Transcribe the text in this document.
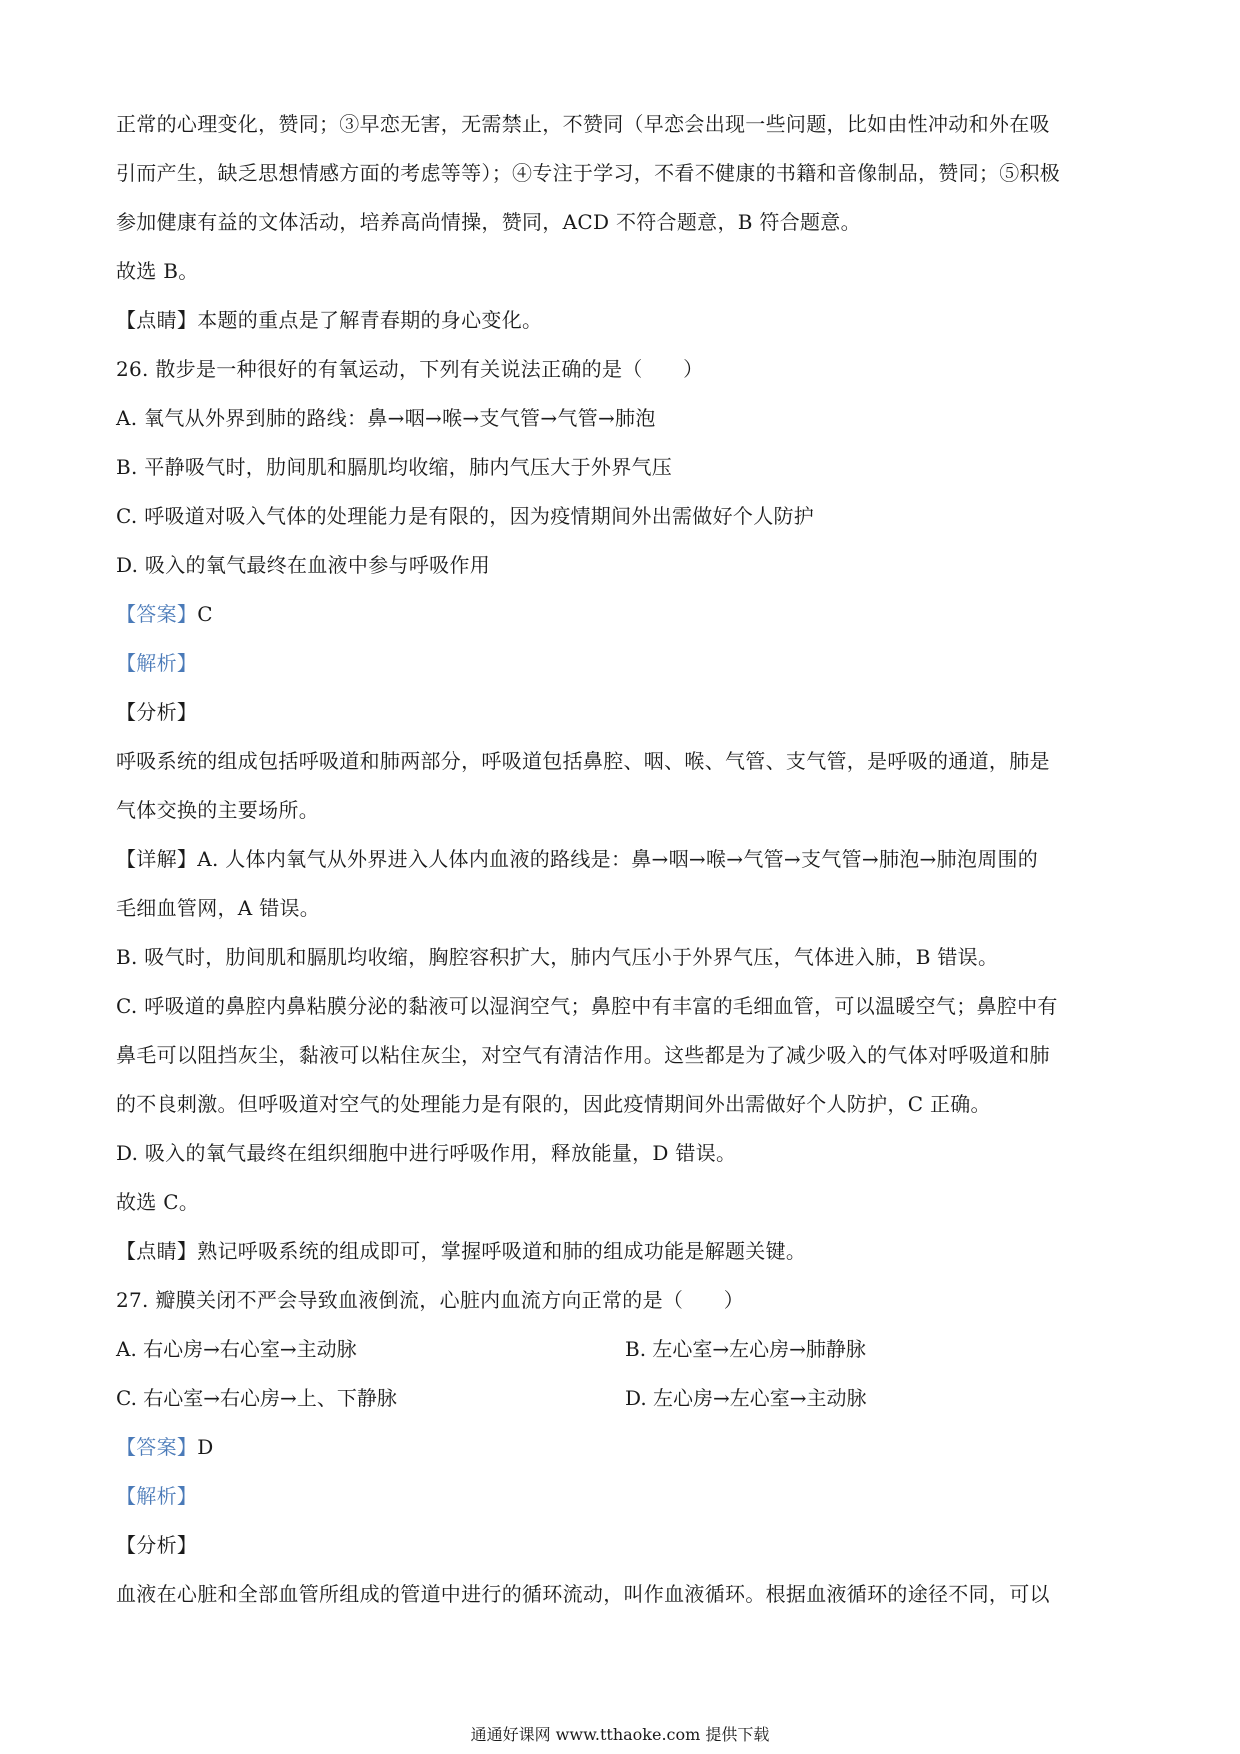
正常的心理变化，赞同；③早恋无害，无需禁止，不赞同（早恋会出现一些问题，比如由性冲动和外在吸
引而产生，缺乏思想情感方面的考虑等等）；④专注于学习，不看不健康的书籍和音像制品，赞同；⑤积极
参加健康有益的文体活动，培养高尚情操，赞同，ACD 不符合题意，B 符合题意。
故选 B。
【点睛】本题的重点是了解青春期的身心变化。
26. 散步是一种很好的有氧运动，下列有关说法正确的是（　　）
A. 氧气从外界到肺的路线：鼻→咽→喉→支气管→气管→肺泡
B. 平静吸气时，肋间肌和膈肌均收缩，肺内气压大于外界气压
C. 呼吸道对吸入气体的处理能力是有限的，因为疫情期间外出需做好个人防护
D. 吸入的氧气最终在血液中参与呼吸作用
【答案】C
【解析】
【分析】
呼吸系统的组成包括呼吸道和肺两部分，呼吸道包括鼻腔、咽、喉、气管、支气管，是呼吸的通道，肺是
气体交换的主要场所。
【详解】A. 人体内氧气从外界进入人体内血液的路线是：鼻→咽→喉→气管→支气管→肺泡→肺泡周围的
毛细血管网，A 错误。
B. 吸气时，肋间肌和膈肌均收缩，胸腔容积扩大，肺内气压小于外界气压，气体进入肺，B 错误。
C. 呼吸道的鼻腔内鼻粘膜分泌的黏液可以湿润空气；鼻腔中有丰富的毛细血管，可以温暖空气；鼻腔中有
鼻毛可以阻挡灰尘，黏液可以粘住灰尘，对空气有清洁作用。这些都是为了减少吸入的气体对呼吸道和肺
的不良刺激。但呼吸道对空气的处理能力是有限的，因此疫情期间外出需做好个人防护，C 正确。
D. 吸入的氧气最终在组织细胞中进行呼吸作用，释放能量，D 错误。
故选 C。
【点睛】熟记呼吸系统的组成即可，掌握呼吸道和肺的组成功能是解题关键。
27. 瓣膜关闭不严会导致血液倒流，心脏内血流方向正常的是（　　）
A. 右心房→右心室→主动脉	B. 左心室→左心房→肺静脉
C. 右心室→右心房→上、下静脉	D. 左心房→左心室→主动脉
【答案】D
【解析】
【分析】
血液在心脏和全部血管所组成的管道中进行的循环流动，叫作血液循环。根据血液循环的途径不同，可以
通通好课网 www.tthaoke.com 提供下载
